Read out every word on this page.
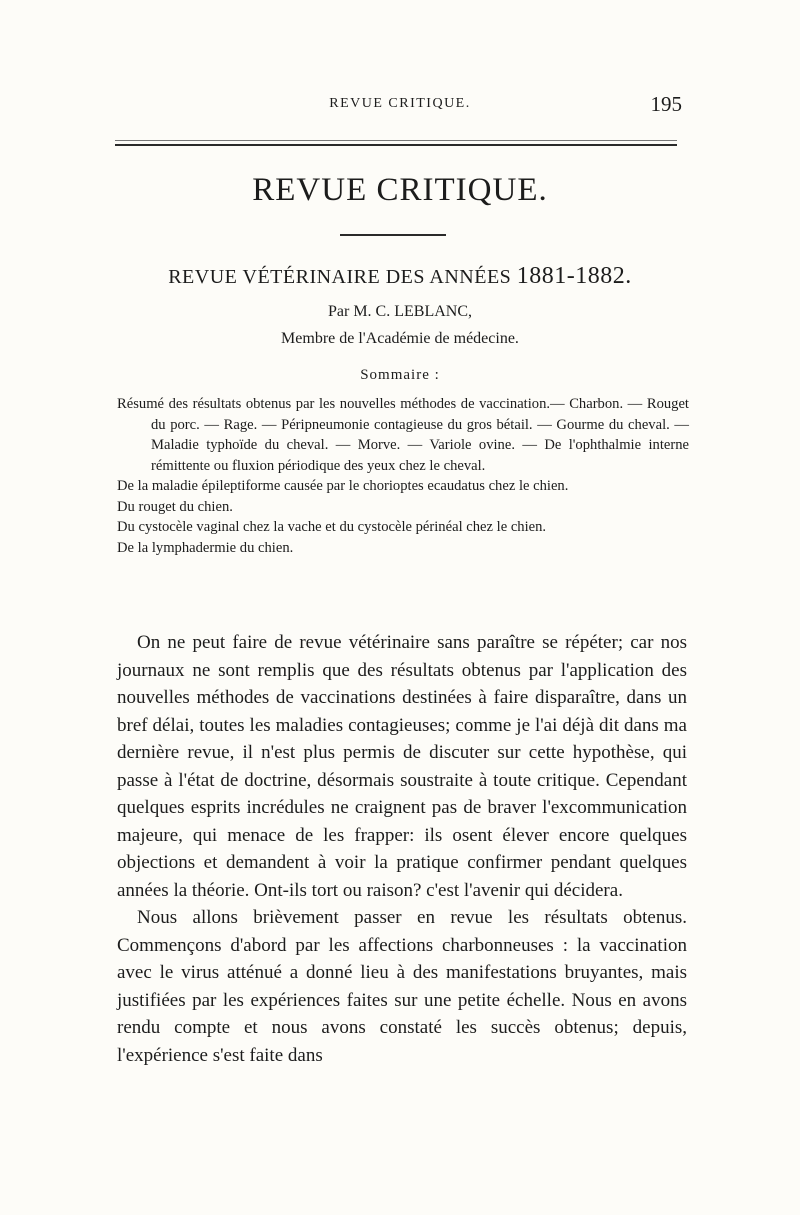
REVUE CRITIQUE.	195
REVUE CRITIQUE.
REVUE VÉTÉRINAIRE DES ANNÉES 1881-1882.
Par M. C. LEBLANC,
Membre de l'Académie de médecine.
Sommaire :

Résumé des résultats obtenus par les nouvelles méthodes de vaccination.— Charbon. — Rouget du porc. — Rage. — Péripneumonie contagieuse du gros bétail. — Gourme du cheval. — Maladie typhoïde du cheval. — Morve. — Variole ovine. — De l'ophthalmie interne rémittente ou fluxion périodique des yeux chez le cheval.

De la maladie épileptiforme causée par le chorioptes ecaudatus chez le chien.

Du rouget du chien.

Du cystocèle vaginal chez la vache et du cystocèle périnéal chez le chien.

De la lymphadermie du chien.

On ne peut faire de revue vétérinaire sans paraître se répéter; car nos journaux ne sont remplis que des résultats obtenus par l'application des nouvelles méthodes de vaccinations destinées à faire disparaître, dans un bref délai, toutes les maladies contagieuses; comme je l'ai déjà dit dans ma dernière revue, il n'est plus permis de discuter sur cette hypothèse, qui passe à l'état de doctrine, désormais soustraite à toute critique. Cependant quelques esprits incrédules ne craignent pas de braver l'excommunication majeure, qui menace de les frapper: ils osent élever encore quelques objections et demandent à voir la pratique confirmer pendant quelques années la théorie. Ont-ils tort ou raison? c'est l'avenir qui décidera.

Nous allons brièvement passer en revue les résultats obtenus. Commençons d'abord par les affections charbonneuses : la vaccination avec le virus atténué a donné lieu à des manifestations bruyantes, mais justifiées par les expériences faites sur une petite échelle. Nous en avons rendu compte et nous avons constaté les succès obtenus; depuis, l'expérience s'est faite dans
